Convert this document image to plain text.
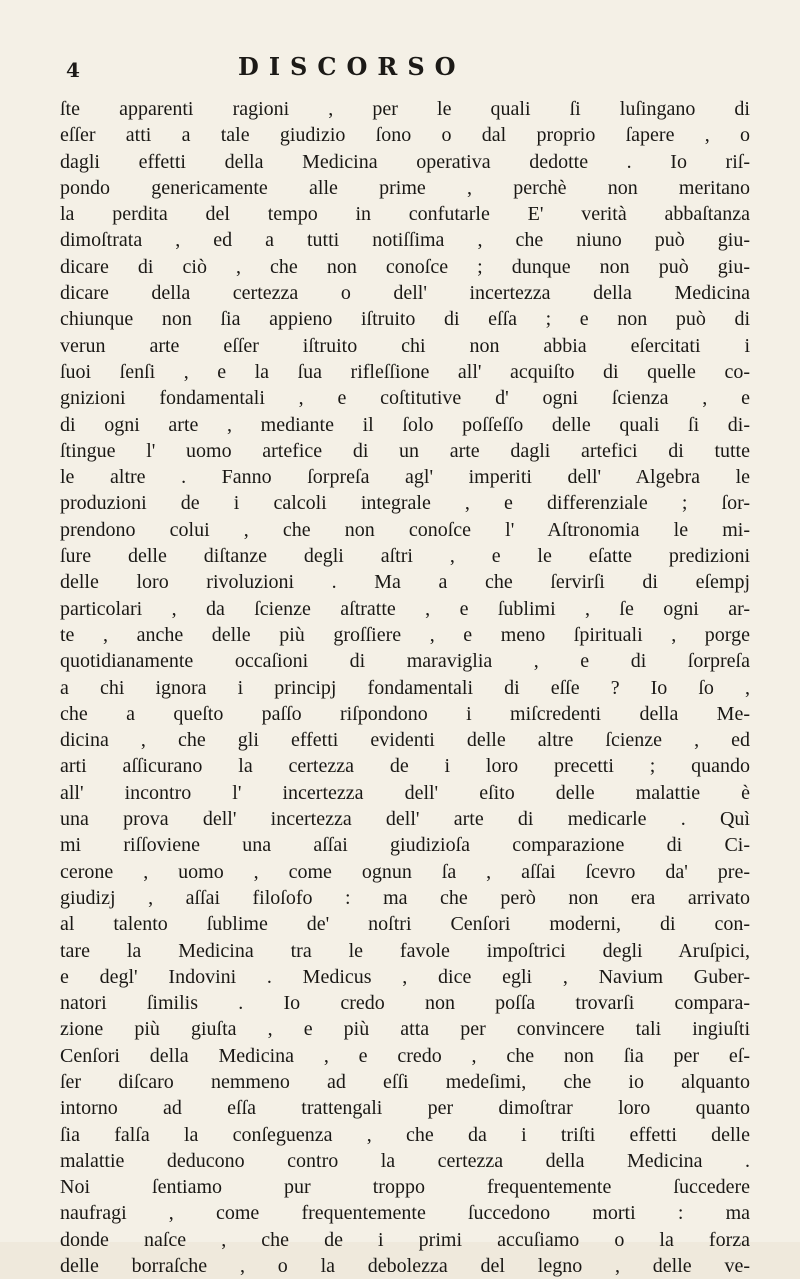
4	DISCORSO
ſte apparenti ragioni , per le quali ſi luſingano di
eſſer atti a tale giudizio ſono o dal proprio ſapere , o
dagli effetti della Medicina operativa dedotte . Io riſ-
pondo genericamente alle prime , perchè non meritano
la perdita del tempo in confutarle E' verità abbaſtanza
dimoſtrata , ed a tutti notiſſima , che niuno può giu-
dicare di ciò , che non conoſce ; dunque non può giu-
dicare della certezza o dell' incertezza della Medicina
chiunque non ſia appieno iſtruito di eſſa ; e non può di
verun arte eſſer iſtruito chi non abbia eſercitati i
ſuoi ſenſi , e la ſua rifleſſione all' acquiſto di quelle co-
gnizioni fondamentali , e coſtitutive d' ogni ſcienza , e
di ogni arte , mediante il ſolo poſſeſſo delle quali ſi di-
ſtingue l' uomo artefice di un arte dagli artefici di tutte
le altre . Fanno ſorpreſa agl' imperiti dell' Algebra le
produzioni de i calcoli integrale , e differenziale ; ſor-
prendono colui , che non conoſce l' Aſtronomia le mi-
ſure delle diſtanze degli aſtri , e le eſatte predizioni
delle loro rivoluzioni . Ma a che ſervirſi di eſempj
particolari , da ſcienze aſtratte , e ſublimi , ſe ogni ar-
te , anche delle più groſſiere , e meno ſpirituali , porge
quotidianamente occaſioni di maraviglia , e di ſorpreſa
a chi ignora i principj fondamentali di eſſe ? Io ſo ,
che a queſto paſſo riſpondono i miſcredenti della Me-
dicina , che gli effetti evidenti delle altre ſcienze , ed
arti aſſicurano la certezza de i loro precetti ; quando
all' incontro l' incertezza dell' eſito delle malattie è
una prova dell' incertezza dell' arte di medicarle . Quì
mi riſſoviene una aſſai giudizioſa comparazione di Ci-
cerone , uomo , come ognun ſa , aſſai ſcevro da' pre-
giudizj , aſſai filoſofo : ma che però non era arrivato
al talento ſublime de' noſtri Cenſori moderni, di con-
tare la Medicina tra le favole impoſtrici degli Aruſpici,
e degl' Indovini . Medicus , dice egli , Navium Guber-
natori ſimilis . Io credo non poſſa trovarſi compara-
zione più giuſta , e più atta per convincere tali ingiuſti
Cenſori della Medicina , e credo , che non ſia per eſ-
ſer diſcaro nemmeno ad eſſi medeſimi, che io alquanto
intorno ad eſſa trattengali per dimoſtrar loro quanto
ſia falſa la conſeguenza , che da i triſti effetti delle
malattie deducono contro la certezza della Medicina .
Noi ſentiamo pur troppo frequentemente ſuccedere
naufragi , come frequentemente ſuccedono morti : ma
donde naſce , che de i primi accuſiamo o la forza
delle borraſche , o la debolezza del legno , delle ve-
